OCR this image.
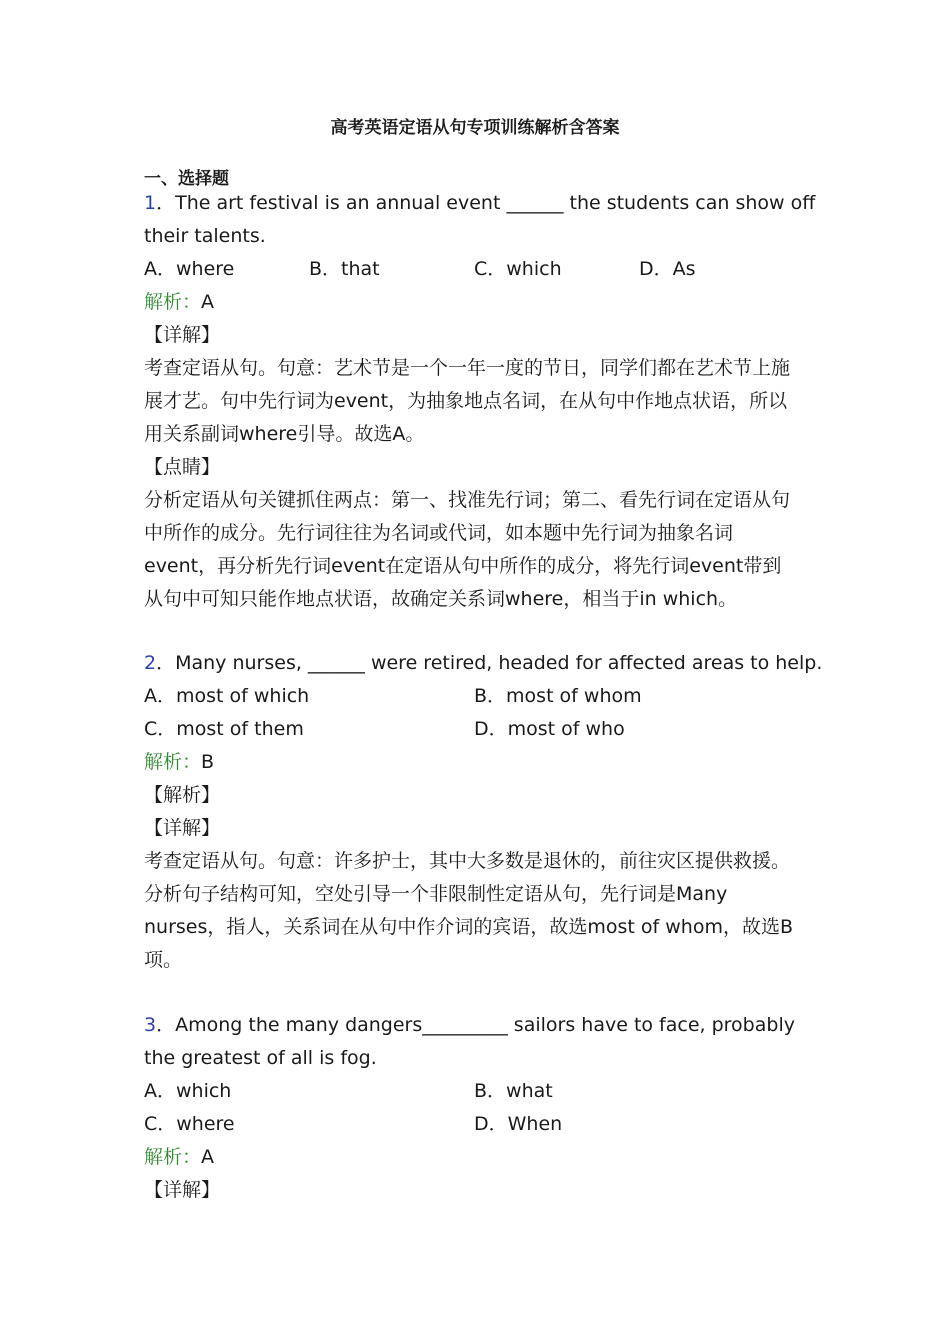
高考英语定语从句专项训练解析含答案
一、选择题
1．The art festival is an annual event ______ the students can show off
their talents.
A．where	B．that	C．which	D．As
解析：A
【详解】
考查定语从句。句意：艺术节是一个一年一度的节日，同学们都在艺术节上施
展才艺。句中先行词为event，为抽象地点名词，在从句中作地点状语，所以
用关系副词where引导。故选A。
【点睛】
分析定语从句关键抓住两点：第一、找准先行词；第二、看先行词在定语从句
中所作的成分。先行词往往为名词或代词，如本题中先行词为抽象名词
event，再分析先行词event在定语从句中所作的成分，将先行词event带到
从句中可知只能作地点状语，故确定关系词where，相当于in which。
2．Many nurses, ______ were retired, headed for affected areas to help.
A．most of which	B．most of whom
C．most of them	D．most of who
解析：B
【解析】
【详解】
考查定语从句。句意：许多护士，其中大多数是退休的，前往灾区提供救援。
分析句子结构可知，空处引导一个非限制性定语从句，先行词是Many
nurses，指人，关系词在从句中作介词的宾语，故选most of whom，故选B
项。
3．Among the many dangers_________ sailors have to face, probably
the greatest of all is fog.
A．which	B．what
C．where	D．When
解析：A
【详解】
